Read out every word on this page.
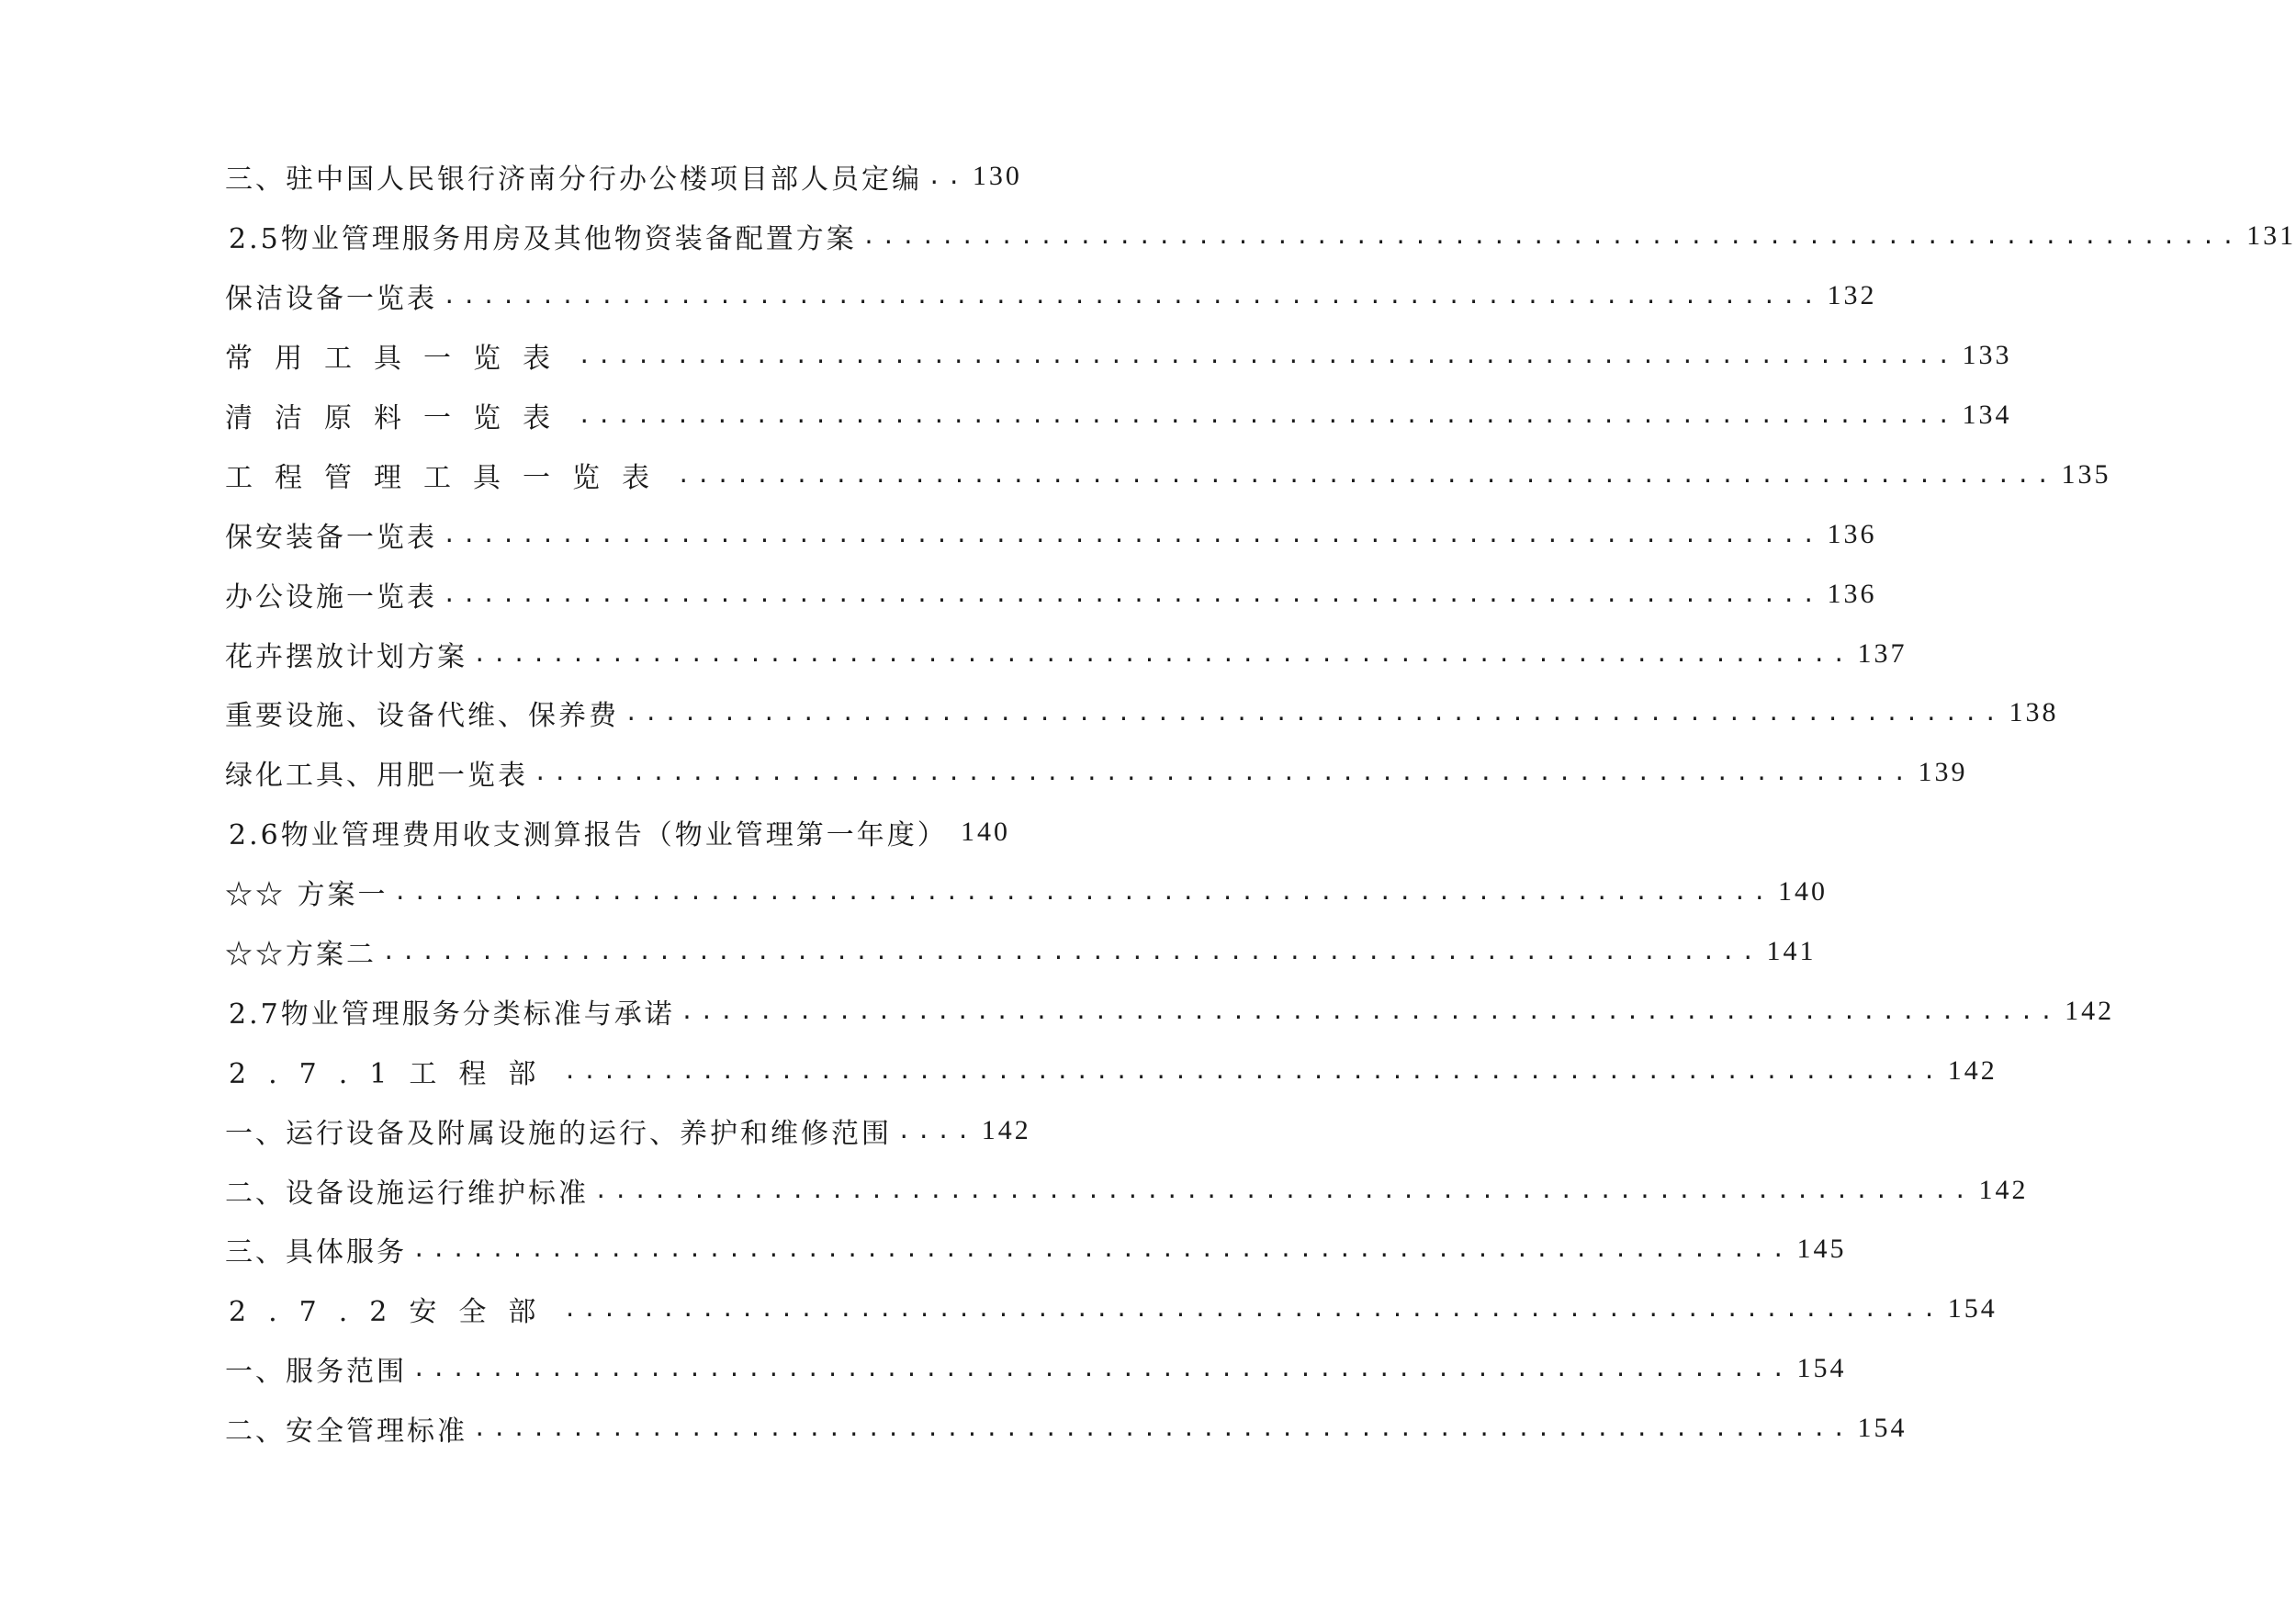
三、驻中国人民银行济南分行办公楼项目部人员定编 .. 130
2.5物业管理服务用房及其他物资装备配置方案 ...................................................................... 131
保洁设备一览表 ...................................................................... 132
常用工具一览表 ...................................................................... 133
清洁原料一览表 ...................................................................... 134
工程管理工具一览表 ...................................................................... 135
保安装备一览表 ...................................................................... 136
办公设施一览表 ...................................................................... 136
花卉摆放计划方案 ...................................................................... 137
重要设施、设备代维、保养费 ...................................................................... 138
绿化工具、用肥一览表 ...................................................................... 139
2.6物业管理费用收支测算报告（物业管理第一年度） 140
☆☆ 方案一 ...................................................................... 140
☆☆方案二 ...................................................................... 141
2.7物业管理服务分类标准与承诺 ...................................................................... 142
2.7.1工程部 ...................................................................... 142
一、运行设备及附属设施的运行、养护和维修范围 .... 142
二、设备设施运行维护标准 ...................................................................... 142
三、具体服务 ...................................................................... 145
2.7.2安全部 ...................................................................... 154
一、服务范围 ...................................................................... 154
二、安全管理标准 ...................................................................... 154
